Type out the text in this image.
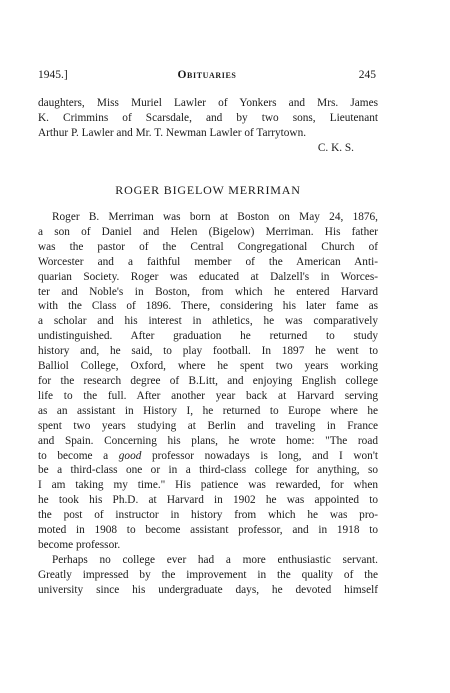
1945.]	Obituaries	245
daughters, Miss Muriel Lawler of Yonkers and Mrs. James
K. Crimmins of Scarsdale, and by two sons, Lieutenant
Arthur P. Lawler and Mr. T. Newman Lawler of Tarrytown.
C. K. S.
ROGER BIGELOW MERRIMAN
Roger B. Merriman was born at Boston on May 24, 1876,
a son of Daniel and Helen (Bigelow) Merriman. His father
was the pastor of the Central Congregational Church of
Worcester and a faithful member of the American Anti-
quarian Society. Roger was educated at Dalzell's in Worces-
ter and Noble's in Boston, from which he entered Harvard
with the Class of 1896. There, considering his later fame as
a scholar and his interest in athletics, he was comparatively
undistinguished. After graduation he returned to study
history and, he said, to play football. In 1897 he went to
Balliol College, Oxford, where he spent two years working
for the research degree of B.Litt, and enjoying English college
life to the full. After another year back at Harvard serving
as an assistant in History I, he returned to Europe where he
spent two years studying at Berlin and traveling in France
and Spain. Concerning his plans, he wrote home: "The road
to become a good professor nowadays is long, and I won't
be a third-class one or in a third-class college for anything, so
I am taking my time." His patience was rewarded, for when
he took his Ph.D. at Harvard in 1902 he was appointed to
the post of instructor in history from which he was pro-
moted in 1908 to become assistant professor, and in 1918 to
become professor.
Perhaps no college ever had a more enthusiastic servant.
Greatly impressed by the improvement in the quality of the
university since his undergraduate days, he devoted himself
